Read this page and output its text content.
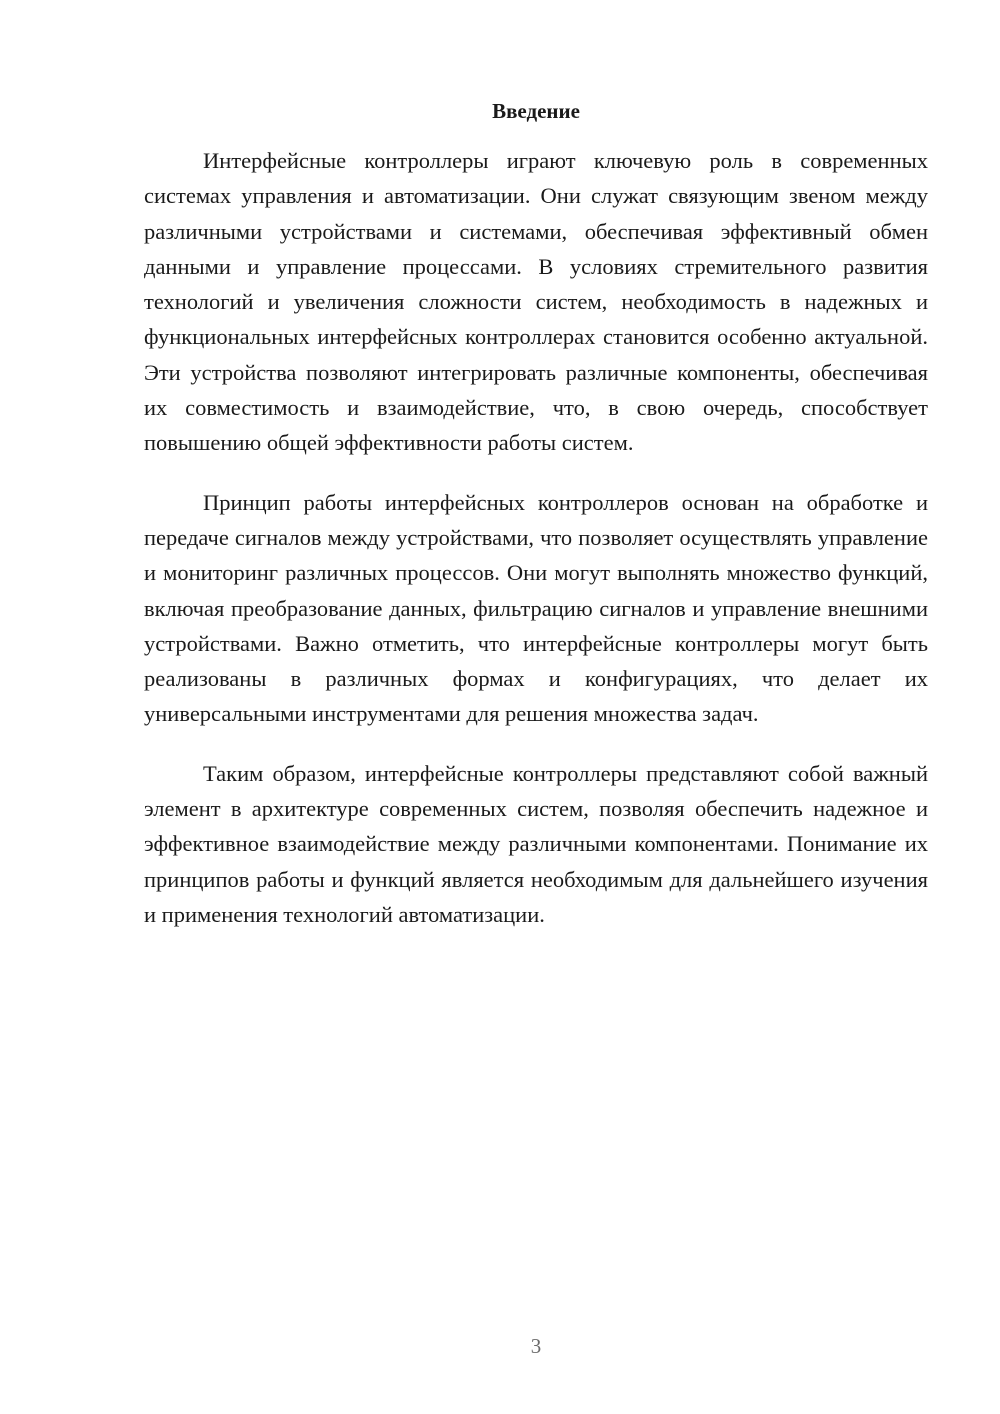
Введение

Интерфейсные контроллеры играют ключевую роль в современных системах управления и автоматизации. Они служат связующим звеном между различными устройствами и системами, обеспечивая эффективный обмен данными и управление процессами. В условиях стремительного развития технологий и увеличения сложности систем, необходимость в надежных и функциональных интерфейсных контроллерах становится особенно актуальной. Эти устройства позволяют интегрировать различные компоненты, обеспечивая их совместимость и взаимодействие, что, в свою очередь, способствует повышению общей эффективности работы систем.

Принцип работы интерфейсных контроллеров основан на обработке и передаче сигналов между устройствами, что позволяет осуществлять управление и мониторинг различных процессов. Они могут выполнять множество функций, включая преобразование данных, фильтрацию сигналов и управление внешними устройствами. Важно отметить, что интерфейсные контроллеры могут быть реализованы в различных формах и конфигурациях, что делает их универсальными инструментами для решения множества задач.

Таким образом, интерфейсные контроллеры представляют собой важный элемент в архитектуре современных систем, позволяя обеспечить надежное и эффективное взаимодействие между различными компонентами. Понимание их принципов работы и функций является необходимым для дальнейшего изучения и применения технологий автоматизации.

3
